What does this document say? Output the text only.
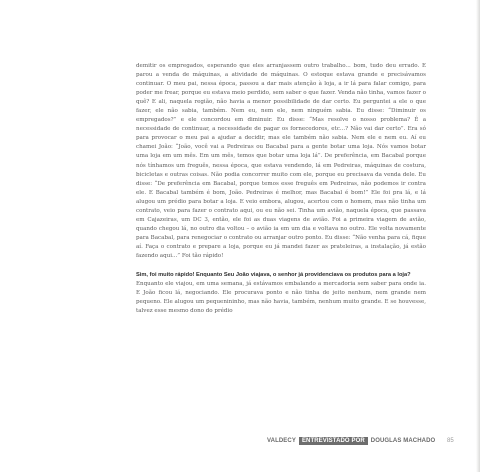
demitir os empregados, esperando que eles arranjassem outro trabalho... bom, tudo deu errado. E parou a venda de máquinas, a atividade de máquinas. O estoque estava grande e precisávamos continuar. O meu pai, nessa época, passou a dar mais atenção à loja, a ir lá para falar comigo, para poder me frear, porque eu estava meio perdido, sem saber o que fazer. Venda não tinha, vamos fazer o quê? E ali, naquela região, não havia a menor possibilidade de dar certo. Eu perguntei a ele o que fazer, ele não sabia, também. Nem eu, nem ele, nem ninguém sabia. Eu disse: “Diminuir os empregados?” e ele concordou em diminuir. Eu disse: “Mas resolve o nosso problema? É a necessidade de continuar, a necessidade de pagar os fornecedores, etc...? Não vai dar certo”. Era só para provocar o meu pai a ajudar a decidir, mas ele também não sabia. Nem ele e nem eu. Aí eu chamei João: “João, você vai a Pedreiras ou Bacabal para a gente botar uma loja. Nós vamos botar uma loja em um mês. Em um mês, temos que botar uma loja lá”. De preferência, em Bacabal porque nós tínhamos um freguês, nessa época, que estava vendendo, lá em Pedreiras, máquinas de costura, bicicletas e outras coisas. Não podia concorrer muito com ele, porque eu precisava da venda dele. Eu disse: “De preferência em Bacabal, porque temos esse freguês em Pedreiras, não podemos ir contra ele. E Bacabal também é bom, João. Pedreiras é melhor, mas Bacabal é bom!” Ele foi pra lá, e lá alugou um prédio para botar a loja. E veio embora, alugou, acertou com o homem, mas não tinha um contrato, veio para fazer o contrato aqui, ou eu não sei. Tinha um avião, naquela época, que passava em Cajazeiras, um DC 3, então, ele foi as duas viagens de avião. Foi a primeira viagem de avião, quando chegou lá, no outro dia voltou – o avião ia em um dia e voltava no outro. Ele volta novamente para Bacabal, para renegociar o contrato ou arranjar outro ponto. Eu disse: “Não venha para cá, fique aí. Faça o contrato e prepare a loja, porque eu já mandei fazer as prateleiras, a instalação, já estão fazendo aqui...” Foi tão rápido!

Sim, foi muito rápido! Enquanto Seu João viajava, o senhor já providenciava os produtos para a loja?

Enquanto ele viajou, em uma semana, já estávamos embalando a mercadoria sem saber para onde ia. E João ficou lá, negociando. Ele procurava ponto e não tinha de jeito nenhum, nem grande nem pequeno. Ele alugou um pequenininho, mas não havia, também, nenhum muito grande. E se houvesse, talvez esse mesmo dono do prédio

VALDECY	ENTREVISTADO POR	DOUGLAS MACHADO 85
